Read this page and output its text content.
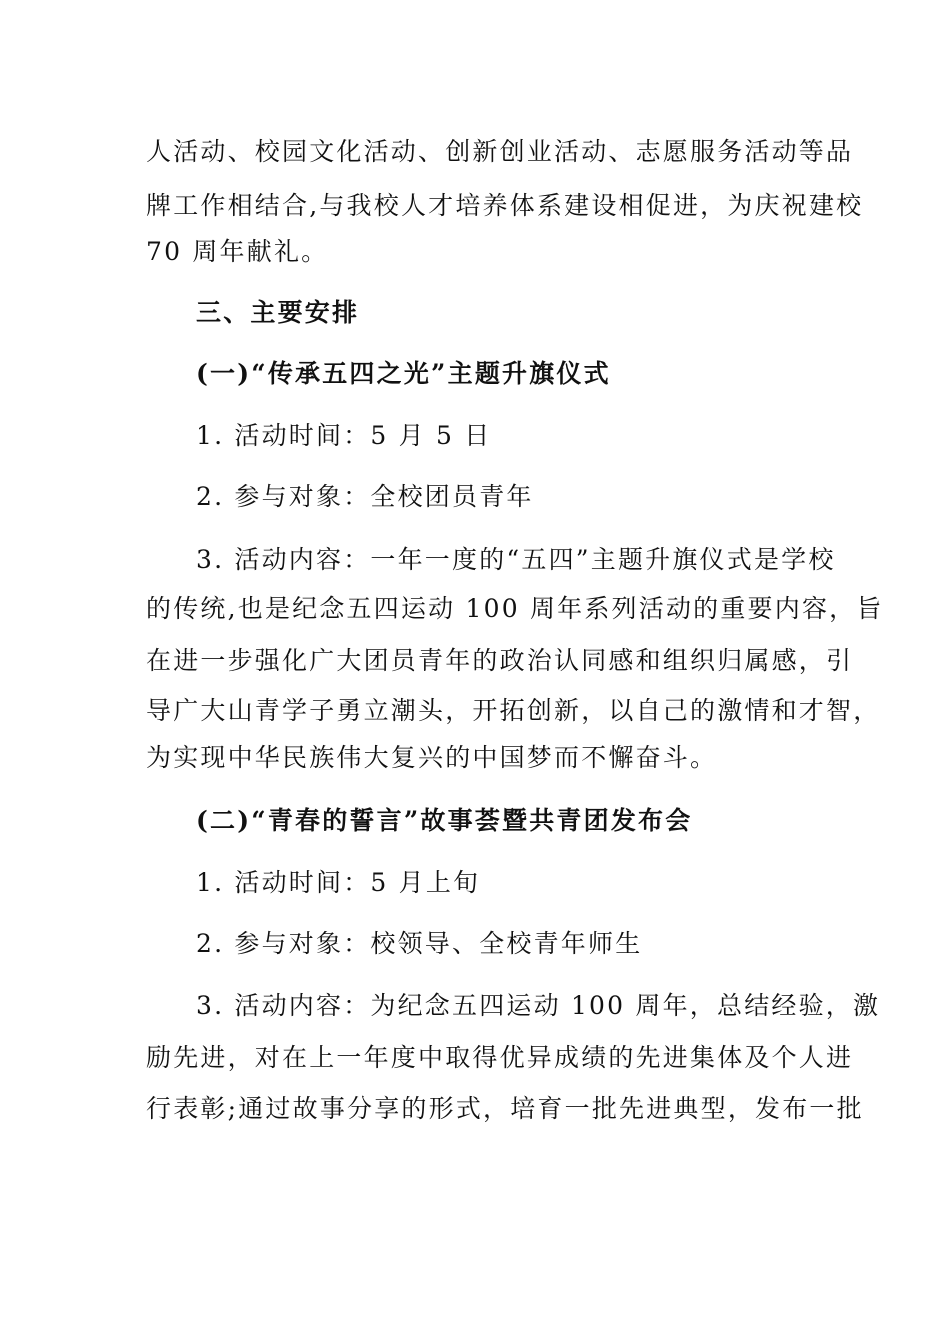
人活动、校园文化活动、创新创业活动、志愿服务活动等品
牌工作相结合,与我校人才培养体系建设相促进，为庆祝建校
70 周年献礼。
三、主要安排
(一)“传承五四之光”主题升旗仪式
1. 活动时间：5 月 5 日
2. 参与对象：全校团员青年
3. 活动内容：一年一度的“五四”主题升旗仪式是学校
的传统,也是纪念五四运动 100 周年系列活动的重要内容，旨
在进一步强化广大团员青年的政治认同感和组织归属感，引
导广大山青学子勇立潮头，开拓创新，以自己的激情和才智，
为实现中华民族伟大复兴的中国梦而不懈奋斗。
(二)“青春的誓言”故事荟暨共青团发布会
1. 活动时间：5 月上旬
2. 参与对象：校领导、全校青年师生
3. 活动内容：为纪念五四运动 100 周年，总结经验，激
励先进，对在上一年度中取得优异成绩的先进集体及个人进
行表彰;通过故事分享的形式，培育一批先进典型，发布一批
